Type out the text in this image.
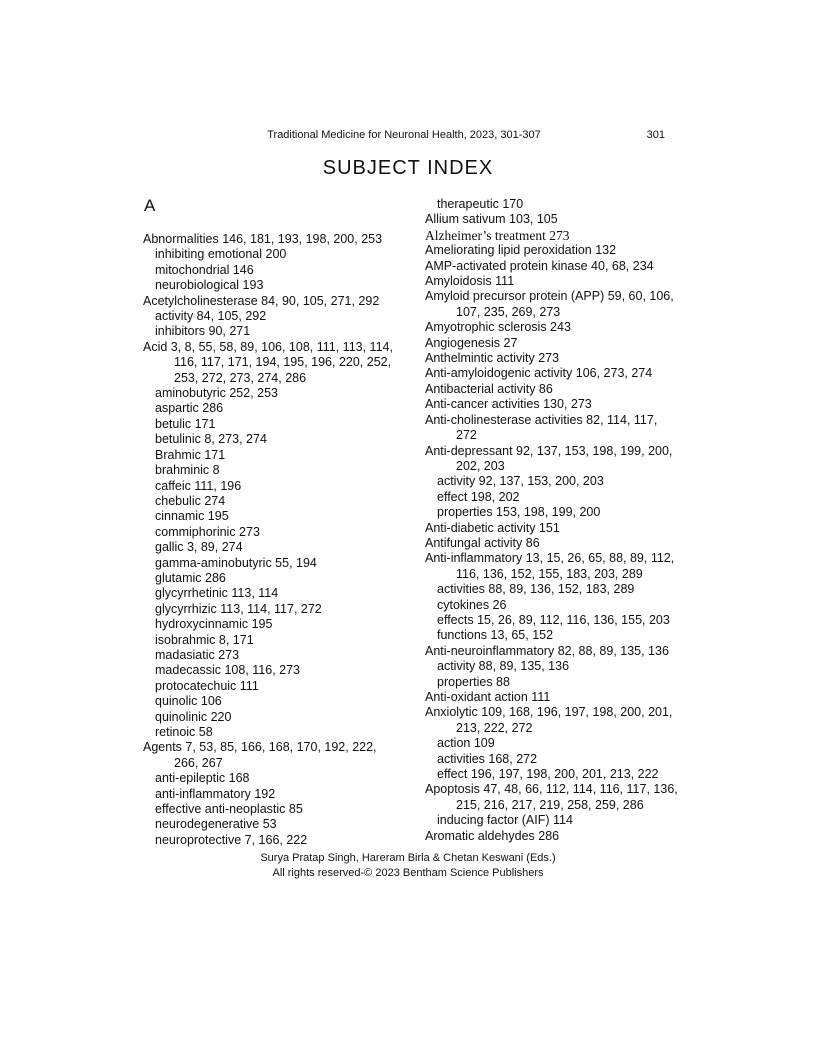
Traditional Medicine for Neuronal Health, 2023, 301-307	301
SUBJECT INDEX
A
Abnormalities 146, 181, 193, 198, 200, 253
inhibiting emotional 200
mitochondrial 146
neurobiological 193
Acetylcholinesterase 84, 90, 105, 271, 292
activity 84, 105, 292
inhibitors 90, 271
Acid 3, 8, 55, 58, 89, 106, 108, 111, 113, 114,
116, 117, 171, 194, 195, 196, 220, 252,
253, 272, 273, 274, 286
aminobutyric 252, 253
aspartic 286
betulic 171
betulinic 8, 273, 274
Brahmic 171
brahminic 8
caffeic 111, 196
chebulic 274
cinnamic 195
commiphorinic 273
gallic 3, 89, 274
gamma-aminobutyric 55, 194
glutamic 286
glycyrrhetinic 113, 114
glycyrrhizic 113, 114, 117, 272
hydroxycinnamic 195
isobrahmic 8, 171
madasiatic 273
madecassic 108, 116, 273
protocatechuic 111
quinolic 106
quinolinic 220
retinoic 58
Agents 7, 53, 85, 166, 168, 170, 192, 222,
266, 267
anti-epileptic 168
anti-inflammatory 192
effective anti-neoplastic 85
neurodegenerative 53
neuroprotective 7, 166, 222
therapeutic 170
Allium sativum 103, 105
Alzheimer’s treatment 273
Ameliorating lipid peroxidation 132
AMP-activated protein kinase 40, 68, 234
Amyloidosis 111
Amyloid precursor protein (APP) 59, 60, 106,
107, 235, 269, 273
Amyotrophic sclerosis 243
Angiogenesis 27
Anthelmintic activity 273
Anti-amyloidogenic activity 106, 273, 274
Antibacterial activity 86
Anti-cancer activities 130, 273
Anti-cholinesterase activities 82, 114, 117,
272
Anti-depressant 92, 137, 153, 198, 199, 200,
202, 203
activity 92, 137, 153, 200, 203
effect 198, 202
properties 153, 198, 199, 200
Anti-diabetic activity 151
Antifungal activity 86
Anti-inflammatory 13, 15, 26, 65, 88, 89, 112,
116, 136, 152, 155, 183, 203, 289
activities 88, 89, 136, 152, 183, 289
cytokines 26
effects 15, 26, 89, 112, 116, 136, 155, 203
functions 13, 65, 152
Anti-neuroinflammatory 82, 88, 89, 135, 136
activity 88, 89, 135, 136
properties 88
Anti-oxidant action 111
Anxiolytic 109, 168, 196, 197, 198, 200, 201,
213, 222, 272
action 109
activities 168, 272
effect 196, 197, 198, 200, 201, 213, 222
Apoptosis 47, 48, 66, 112, 114, 116, 117, 136,
215, 216, 217, 219, 258, 259, 286
inducing factor (AIF) 114
Aromatic aldehydes 286
Surya Pratap Singh, Hareram Birla & Chetan Keswani (Eds.)
All rights reserved-© 2023 Bentham Science Publishers
